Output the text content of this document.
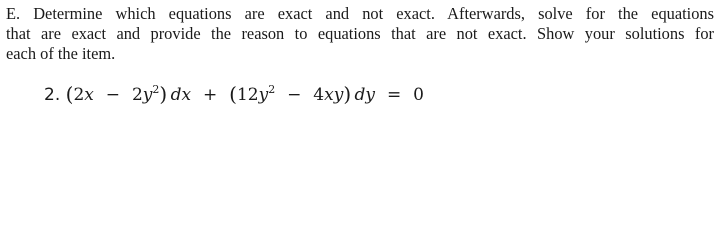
E. Determine which equations are exact and not exact. Afterwards, solve for the equations
that are exact and provide the reason to equations that are not exact. Show your solutions for
each of the item.
2. (2x  −  $2y^2$)  dx  +  ($12y^2$  −  4xy)  dy  =  0
